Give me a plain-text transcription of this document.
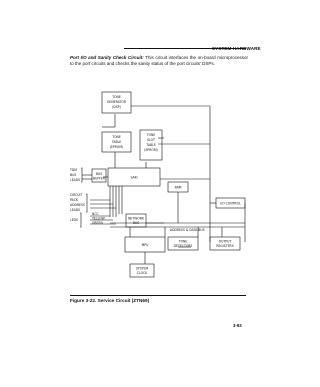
SYSTEM HARDWARE
Port I/O and Sanity Check Circuit: This circuit interfaces the on-board microprocessor to the port circuits and checks the sanity status of the port circuits' DSPs.
TONE
GENERATOR
(DSP)
TONE
TABLE
(EPROM)
TONE
SLOT
TABLE
(EPROM)
BUS
BUFFER	SAKI
RAM
I/O CONTROL
NETWORK
BUS
MPU
TONE
DETECTORS
OUTPUT
REGISTERS
SYSTEM
CLOCK
TDM
BUS
LEADS
CIRCUIT
PACK
ADDRESS
LEADS
NCC
YELLOW
GREEN
LEDS
ADDRESS & DATA BUS
Figure 3-22. Service Circuit (ZTN69)
3-93
